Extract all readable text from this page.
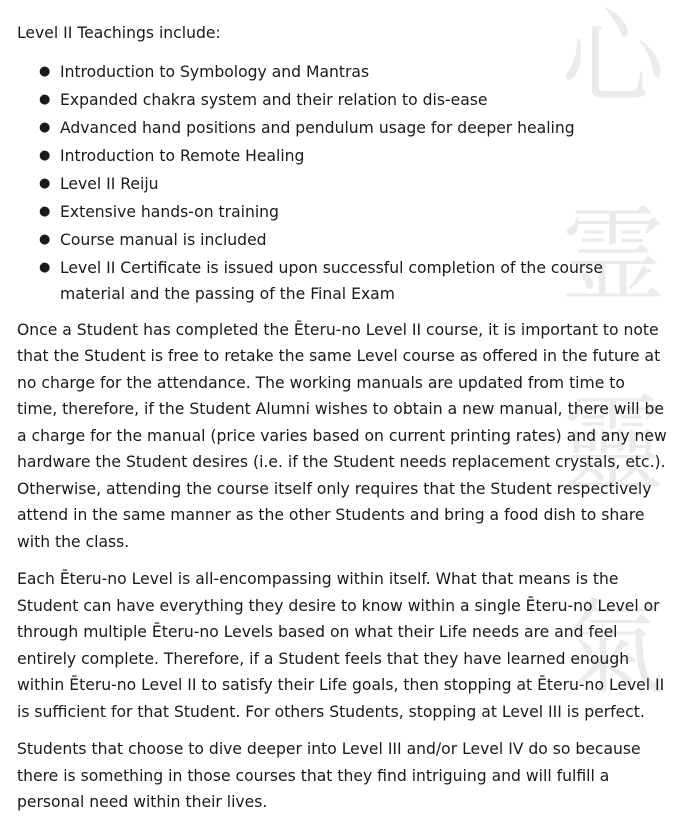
心
霊
靈
氣

Level II Teachings include:

● Introduction to Symbology and Mantras
● Expanded chakra system and their relation to dis-ease
● Advanced hand positions and pendulum usage for deeper healing
● Introduction to Remote Healing
● Level II Reiju
● Extensive hands-on training
● Course manual is included
● Level II Certificate is issued upon successful completion of the course material and the passing of the Final Exam

Once a Student has completed the Ēteru-no Level II course, it is important to note that the Student is free to retake the same Level course as offered in the future at no charge for the attendance. The working manuals are updated from time to time, therefore, if the Student Alumni wishes to obtain a new manual, there will be a charge for the manual (price varies based on current printing rates) and any new hardware the Student desires (i.e. if the Student needs replacement crystals, etc.). Otherwise, attending the course itself only requires that the Student respectively attend in the same manner as the other Students and bring a food dish to share with the class.

Each Ēteru-no Level is all-encompassing within itself. What that means is the Student can have everything they desire to know within a single Ēteru-no Level or through multiple Ēteru-no Levels based on what their Life needs are and feel entirely complete. Therefore, if a Student feels that they have learned enough within Ēteru-no Level II to satisfy their Life goals, then stopping at Ēteru-no Level II is sufficient for that Student. For others Students, stopping at Level III is perfect.

Students that choose to dive deeper into Level III and/or Level IV do so because there is something in those courses that they find intriguing and will fulfill a personal need within their lives.
